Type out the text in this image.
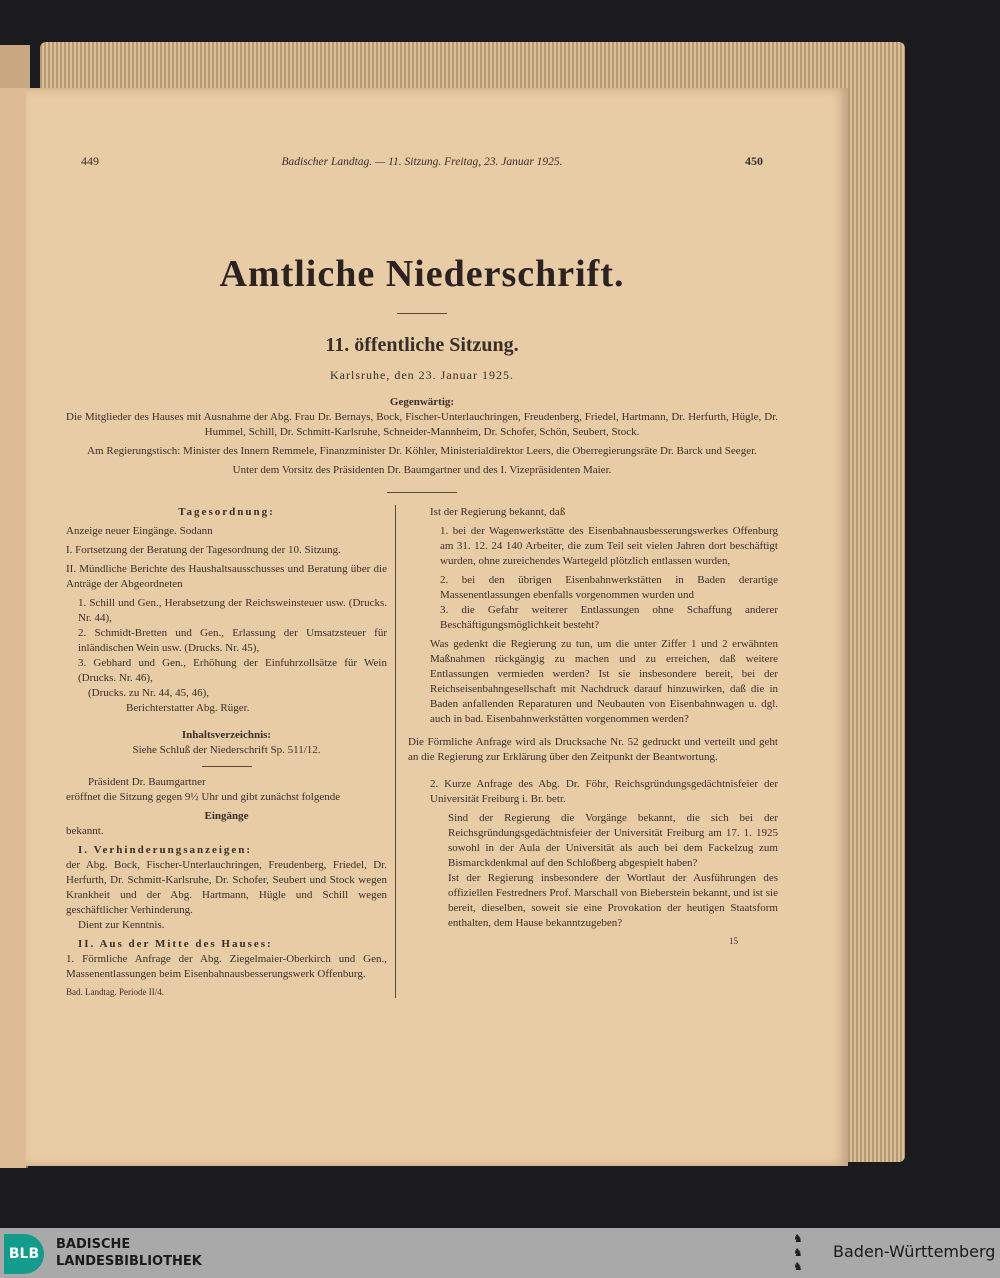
449	Badischer Landtag. — 11. Sitzung. Freitag, 23. Januar 1925.	450
Amtliche Niederschrift.
11. öffentliche Sitzung.
Karlsruhe, den 23. Januar 1925.

Gegenwärtig:

Die Mitglieder des Hauses mit Ausnahme der Abg. Frau Dr. Bernays, Bock, Fischer-Unterlauchringen, Freudenberg, Friedel, Hartmann, Dr. Herfurth, Hügle, Dr. Hummel, Schill, Dr. Schmitt-Karlsruhe, Schneider-Mannheim, Dr. Schofer, Schön, Seubert, Stock.

Am Regierungstisch: Minister des Innern Remmele, Finanzminister Dr. Köhler, Ministerialdirektor Leers, die Oberregierungsräte Dr. Barck und Seeger.

Unter dem Vorsitz des Präsidenten Dr. Baumgartner und des I. Vizepräsidenten Maier.

Tagesordnung:

Anzeige neuer Eingänge. Sodann

I. Fortsetzung der Beratung der Tagesordnung der 10. Sitzung.

II. Mündliche Berichte des Haushaltsausschusses und Beratung über die Anträge der Abgeordneten

1. Schill und Gen., Herabsetzung der Reichsweinsteuer usw. (Drucks. Nr. 44),

2. Schmidt-Bretten und Gen., Erlassung der Umsatzsteuer für inländischen Wein usw. (Drucks. Nr. 45),

3. Gebhard und Gen., Erhöhung der Einfuhrzollsätze für Wein (Drucks. Nr. 46),

(Drucks. zu Nr. 44, 45, 46),

Berichterstatter Abg. Rüger.

Inhaltsverzeichnis:

Siehe Schluß der Niederschrift Sp. 511/12.

Präsident Dr. Baumgartner

eröffnet die Sitzung gegen 9½ Uhr und gibt zunächst folgende

Eingänge

bekannt.

I. Verhinderungsanzeigen:

der Abg. Bock, Fischer-Unterlauchringen, Freudenberg, Friedel, Dr. Herfurth, Dr. Schmitt-Karlsruhe, Dr. Schofer, Seubert und Stock wegen Krankheit und der Abg. Hartmann, Hügle und Schill wegen geschäftlicher Verhinderung.

Dient zur Kenntnis.

II. Aus der Mitte des Hauses:

1. Förmliche Anfrage der Abg. Ziegelmaier-Oberkirch und Gen., Massenentlassungen beim Eisenbahnausbesserungswerk Offenburg.

Bad. Landtag. Periode II/4.

Ist der Regierung bekannt, daß

1. bei der Wagenwerkstätte des Eisenbahnausbesserungswerkes Offenburg am 31. 12. 24 140 Arbeiter, die zum Teil seit vielen Jahren dort beschäftigt wurden, ohne zureichendes Wartegeld plötzlich entlassen wurden,

2. bei den übrigen Eisenbahnwerkstätten in Baden derartige Massenentlassungen ebenfalls vorgenommen wurden und

3. die Gefahr weiterer Entlassungen ohne Schaffung anderer Beschäftigungsmöglichkeit besteht?

Was gedenkt die Regierung zu tun, um die unter Ziffer 1 und 2 erwähnten Maßnahmen rückgängig zu machen und zu erreichen, daß weitere Entlassungen vermieden werden? Ist sie insbesondere bereit, bei der Reichseisenbahngesellschaft mit Nachdruck darauf hinzuwirken, daß die in Baden anfallenden Reparaturen und Neubauten von Eisenbahnwagen u. dgl. auch in bad. Eisenbahnwerkstätten vorgenommen werden?

Die Förmliche Anfrage wird als Drucksache Nr. 52 gedruckt und verteilt und geht an die Regierung zur Erklärung über den Zeitpunkt der Beantwortung.

2. Kurze Anfrage des Abg. Dr. Föhr, Reichsgründungsgedächtnisfeier der Universität Freiburg i. Br. betr.

Sind der Regierung die Vorgänge bekannt, die sich bei der Reichsgründungsgedächtnisfeier der Universität Freiburg am 17. 1. 1925 sowohl in der Aula der Universität als auch bei dem Fackelzug zum Bismarckdenkmal auf den Schloßberg abgespielt haben?

Ist der Regierung insbesondere der Wortlaut der Ausführungen des offiziellen Festredners Prof. Marschall von Bieberstein bekannt, und ist sie bereit, dieselben, soweit sie eine Provokation der heutigen Staatsform enthalten, dem Hause bekanntzugeben?

15

BLB
BADISCHE
LANDESBIBLIOTHEK
♞
♞
♞
Baden-Württemberg
